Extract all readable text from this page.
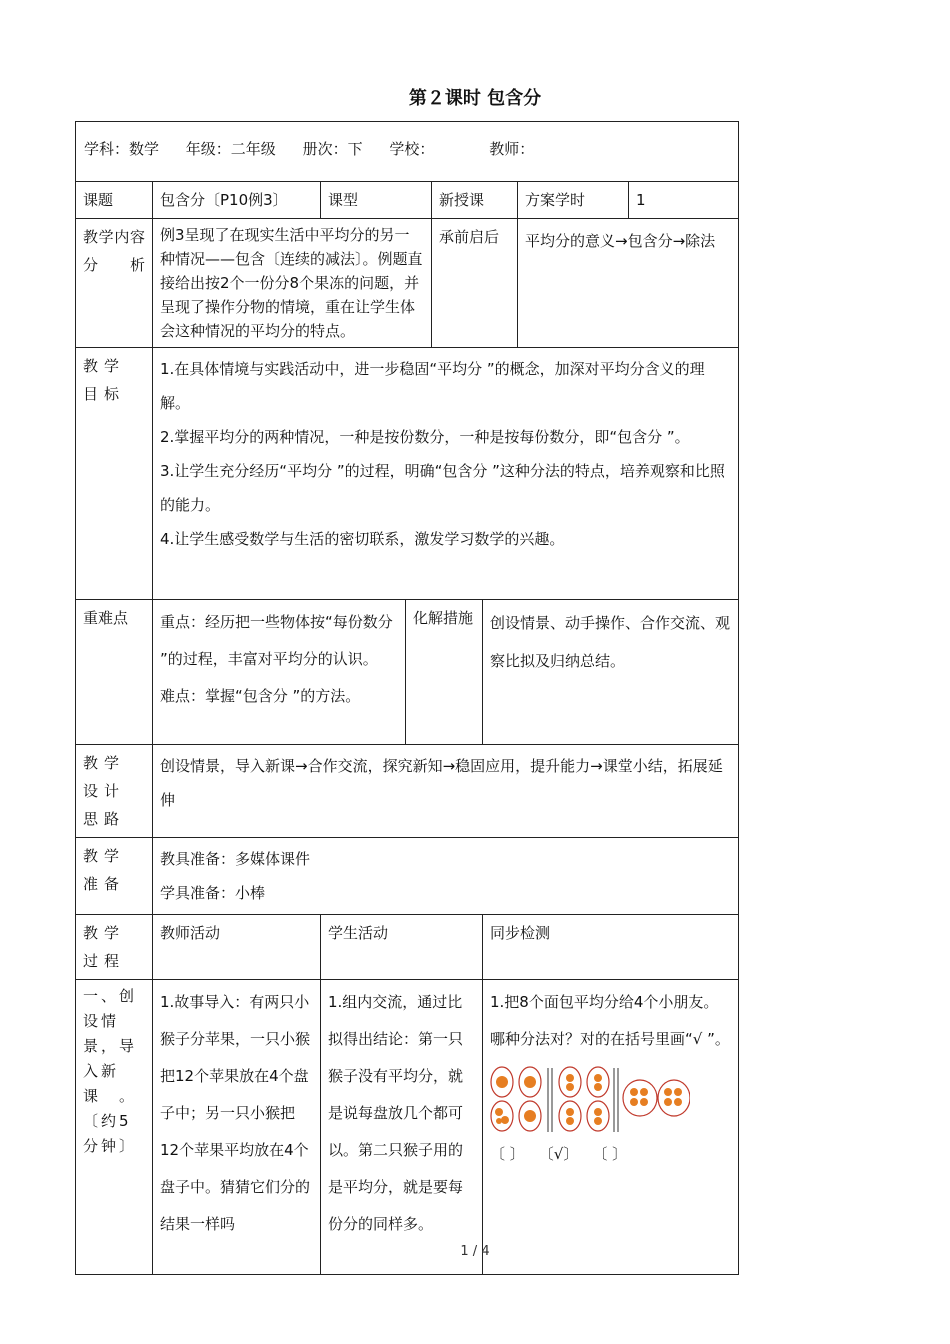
第２课时 包含分
学科：数学 年级：二年级 册次：下 学校： 教师：							
课题	包含分〔P10例3〕	课型		新授课		方案学时	1

教学内容分析	例3呈现了在现实生活中平均分的另一种情况——包含〔连续的减法〕。例题直接给出按2个一份分8个果冻的问题，并呈现了操作分物的情境，重在让学生体会这种情况的平均分的特点。			承前启后		平均分的意义→包含分→除法	
教学目标	1.在具体情境与实践活动中，进一步稳固“平均分 ”的概念，加深对平均分含义的理解。

2.掌握平均分的两种情况，一种是按份数分，一种是按每份数分，即“包含分 ”。

3.让学生充分经历“平均分 ”的过程，明确“包含分 ”这种分法的特点，培养观察和比照的能力。

4.让学生感受数学与生活的密切联系，激发学习数学的兴趣。						

重难点	重点：经历把一些物体按“每份数分 ”的过程，丰富对平均分的认识。
难点：掌握“包含分 ”的方法。		化解措施		创设情景、动手操作、合作交流、观察比拟及归纳总结。		
教学设计思路	创设情景，导入新课→合作交流，探究新知→稳固应用，提升能力→课堂小结，拓展延伸						
教学准备	教具准备：多媒体课件
学具准备：小棒						
教学过程	教师活动	学生活动			同步检测		
一、创设情景，导入新课　。〔约5分钟〕	1.故事导入：有两只小猴子分苹果，一只小猴把12个苹果放在4个盘子中；另一只小猴把12个苹果平均放在4个盘子中。猜猜它们分的结果一样吗	1.组内交流，通过比拟得出结论：第一只猴子没有平均分，就是说每盘放几个都可以。第二只猴子用的是平均分，就是要每份分的同样多。			1.把8个面包平均分给4个小朋友。哪种分法对？对的在括号里画“√ ”。
〔 〕 〔√〕 〔 〕		
1 / 4
